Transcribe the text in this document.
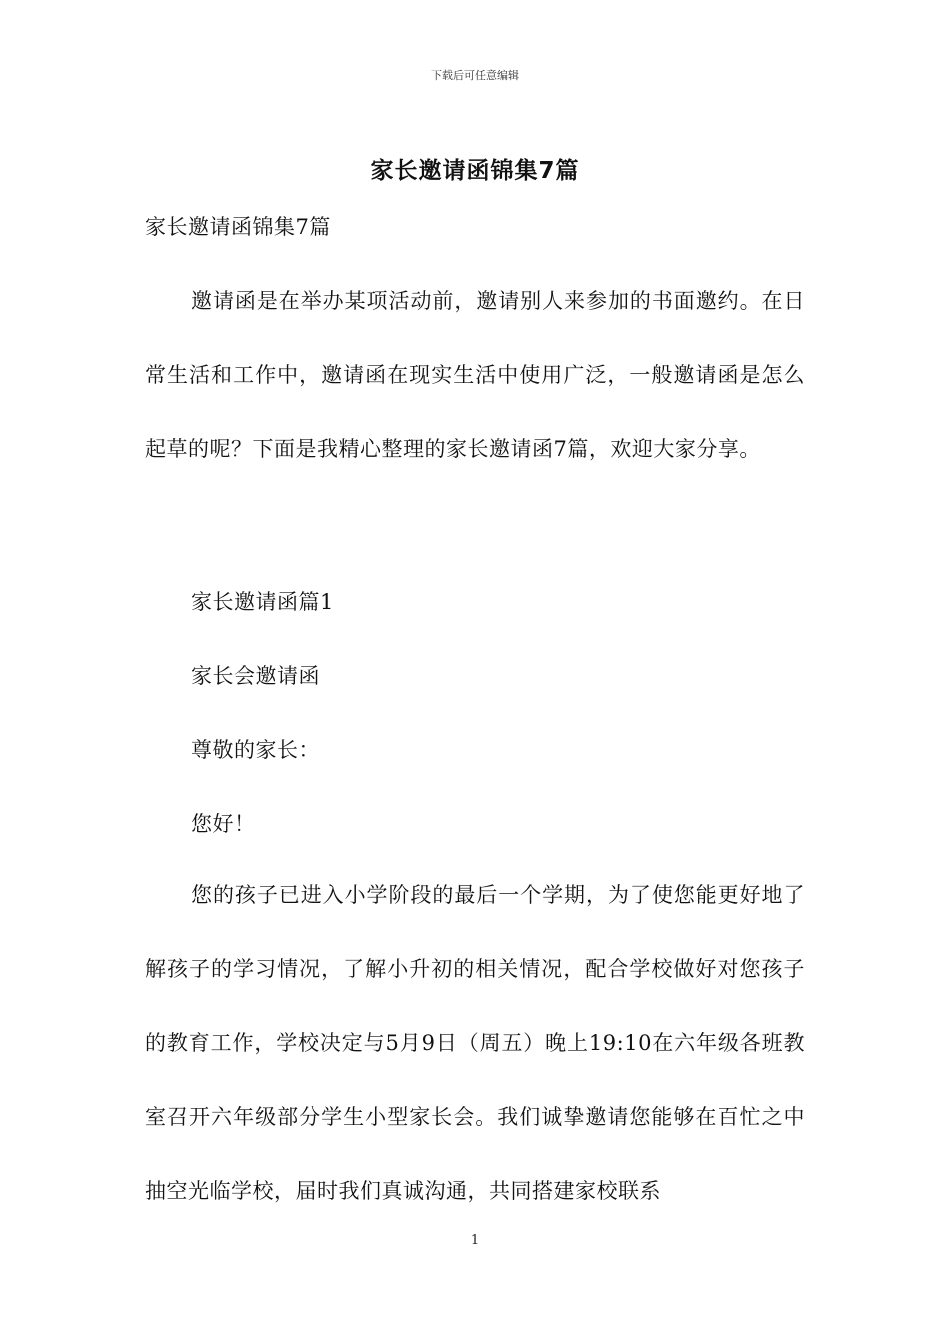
下载后可任意编辑
家长邀请函锦集7篇
家长邀请函锦集7篇
邀请函是在举办某项活动前，邀请别人来参加的书面邀约。在日常生活和工作中，邀请函在现实生活中使用广泛，一般邀请函是怎么起草的呢？下面是我精心整理的家长邀请函7篇，欢迎大家分享。
家长邀请函篇1
家长会邀请函
尊敬的家长：
您好！
您的孩子已进入小学阶段的最后一个学期，为了使您能更好地了解孩子的学习情况，了解小升初的相关情况，配合学校做好对您孩子的教育工作，学校决定与5月9日（周五）晚上19:10在六年级各班教室召开六年级部分学生小型家长会。我们诚挚邀请您能够在百忙之中抽空光临学校，届时我们真诚沟通，共同搭建家校联系
1
